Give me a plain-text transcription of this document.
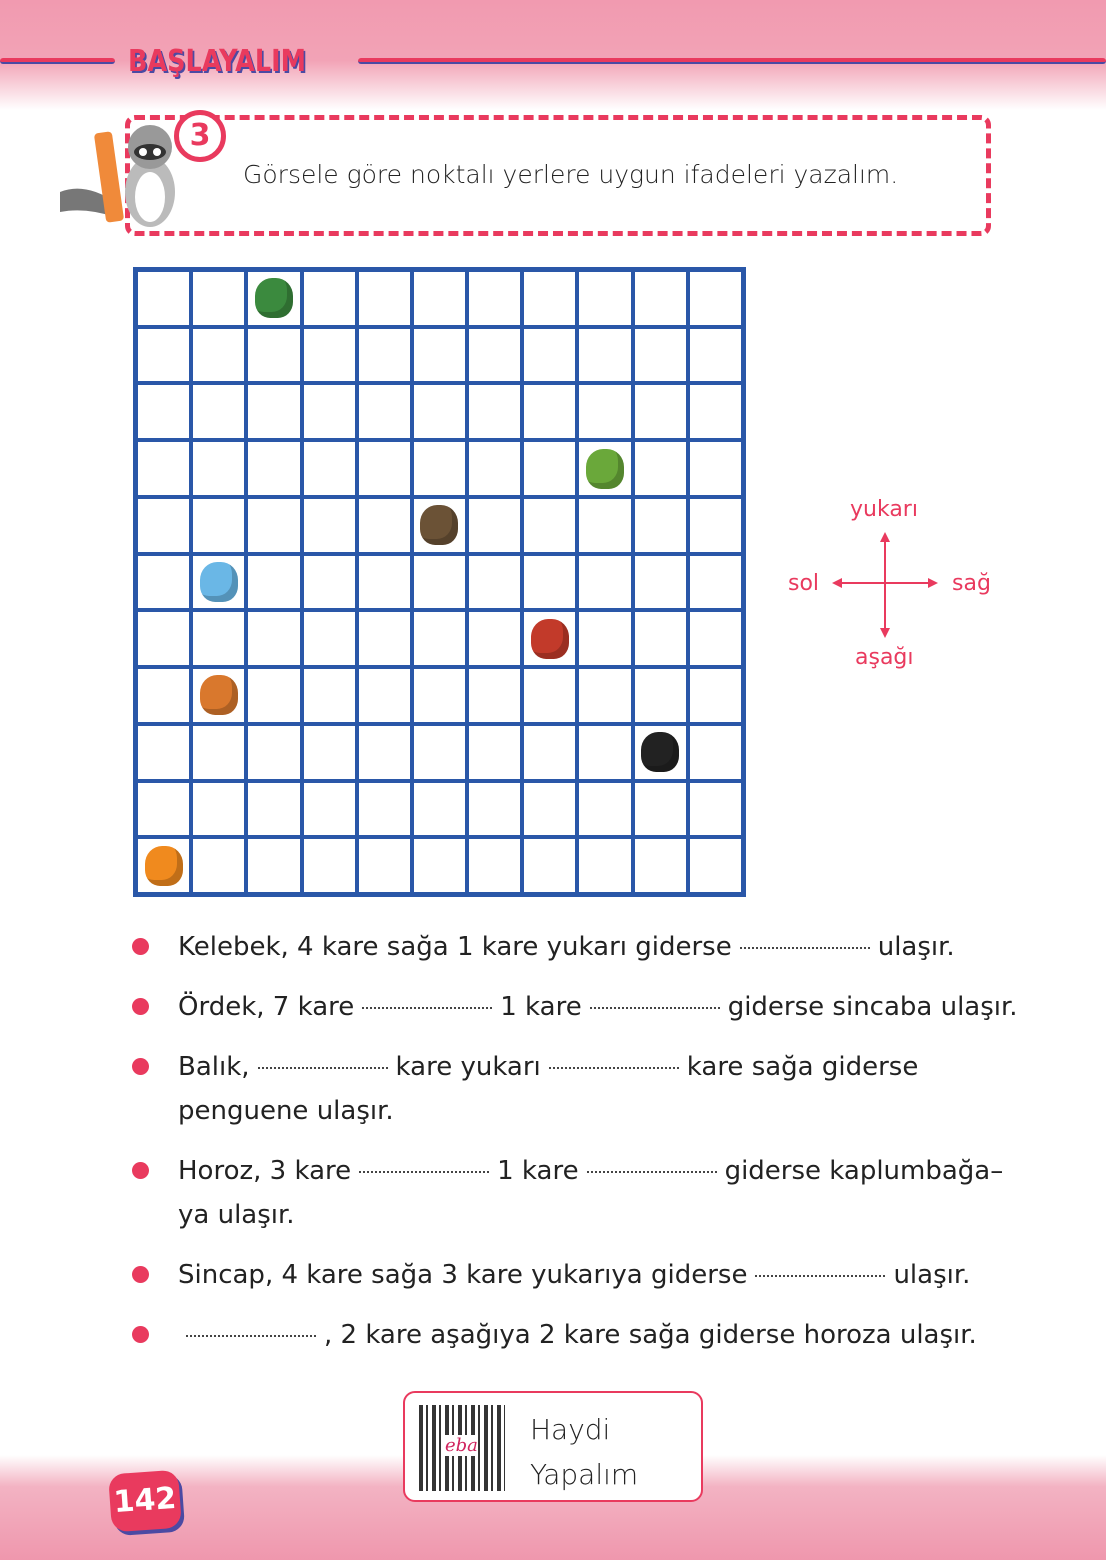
BAŞLAYALIM
3
Görsele göre noktalı yerlere uygun ifadeleri yazalım.
yukarı
aşağı
sol	sağ
Kelebek, 4 kare sağa 1 kare yukarı giderse	ulaşır.
Ördek, 7 kare	1 kare	giderse sincaba ulaşır.
Balık,	kare yukarı	kare sağa giderse penguene ulaşır.
Horoz, 3 kare	1 kare	giderse kaplumbağa–ya ulaşır.
Sincap, 4 kare sağa 3 kare yukarıya giderse	ulaşır.
, 2 kare aşağıya 2 kare sağa giderse horoza ulaşır.
eba Haydi
Yapalım
142
